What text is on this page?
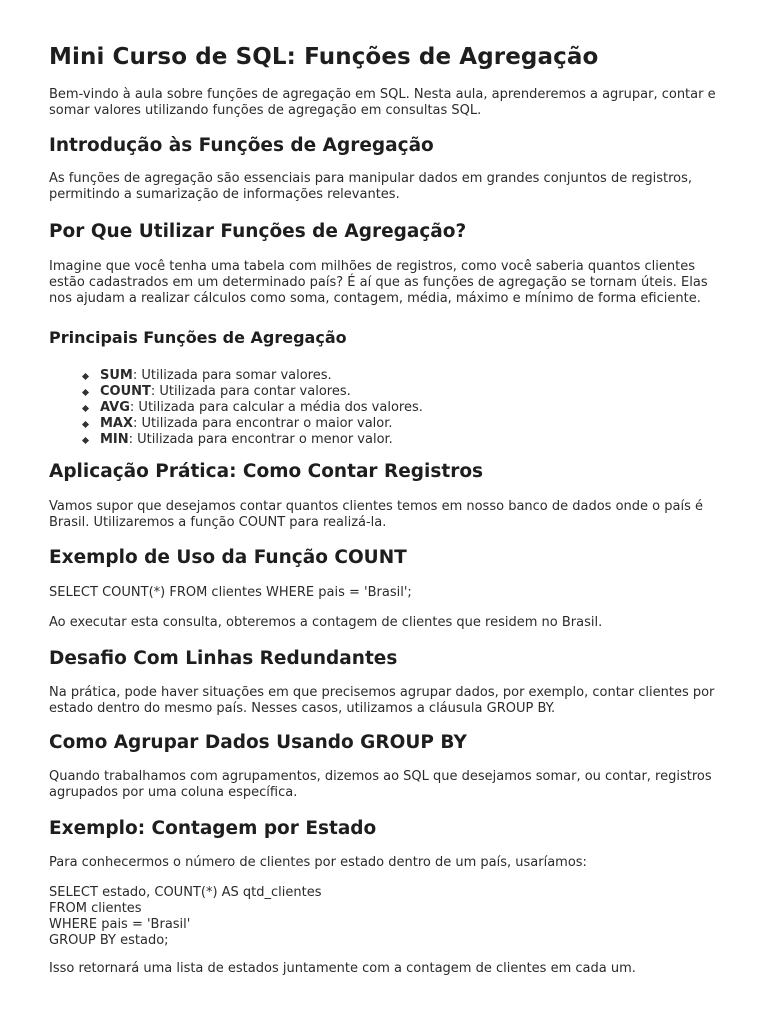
Mini Curso de SQL: Funções de Agregação

Bem-vindo à aula sobre funções de agregação em SQL. Nesta aula, aprenderemos a agrupar, contar e somar valores utilizando funções de agregação em consultas SQL.

Introdução às Funções de Agregação

As funções de agregação são essenciais para manipular dados em grandes conjuntos de registros, permitindo a sumarização de informações relevantes.

Por Que Utilizar Funções de Agregação?

Imagine que você tenha uma tabela com milhões de registros, como você saberia quantos clientes estão cadastrados em um determinado país? É aí que as funções de agregação se tornam úteis. Elas nos ajudam a realizar cálculos como soma, contagem, média, máximo e mínimo de forma eficiente.

Principais Funções de Agregação
SUM: Utilizada para somar valores.
COUNT: Utilizada para contar valores.
AVG: Utilizada para calcular a média dos valores.
MAX: Utilizada para encontrar o maior valor.
MIN: Utilizada para encontrar o menor valor.
Aplicação Prática: Como Contar Registros

Vamos supor que desejamos contar quantos clientes temos em nosso banco de dados onde o país é Brasil. Utilizaremos a função COUNT para realizá-la.

Exemplo de Uso da Função COUNT

SELECT COUNT(*) FROM clientes WHERE pais = 'Brasil';

Ao executar esta consulta, obteremos a contagem de clientes que residem no Brasil.

Desafio Com Linhas Redundantes

Na prática, pode haver situações em que precisemos agrupar dados, por exemplo, contar clientes por estado dentro do mesmo país. Nesses casos, utilizamos a cláusula GROUP BY.

Como Agrupar Dados Usando GROUP BY

Quando trabalhamos com agrupamentos, dizemos ao SQL que desejamos somar, ou contar, registros agrupados por uma coluna específica.

Exemplo: Contagem por Estado

Para conhecermos o número de clientes por estado dentro de um país, usaríamos:

SELECT estado, COUNT(*) AS qtd_clientes
FROM clientes
WHERE pais = 'Brasil'
GROUP BY estado;

Isso retornará uma lista de estados juntamente com a contagem de clientes em cada um.
